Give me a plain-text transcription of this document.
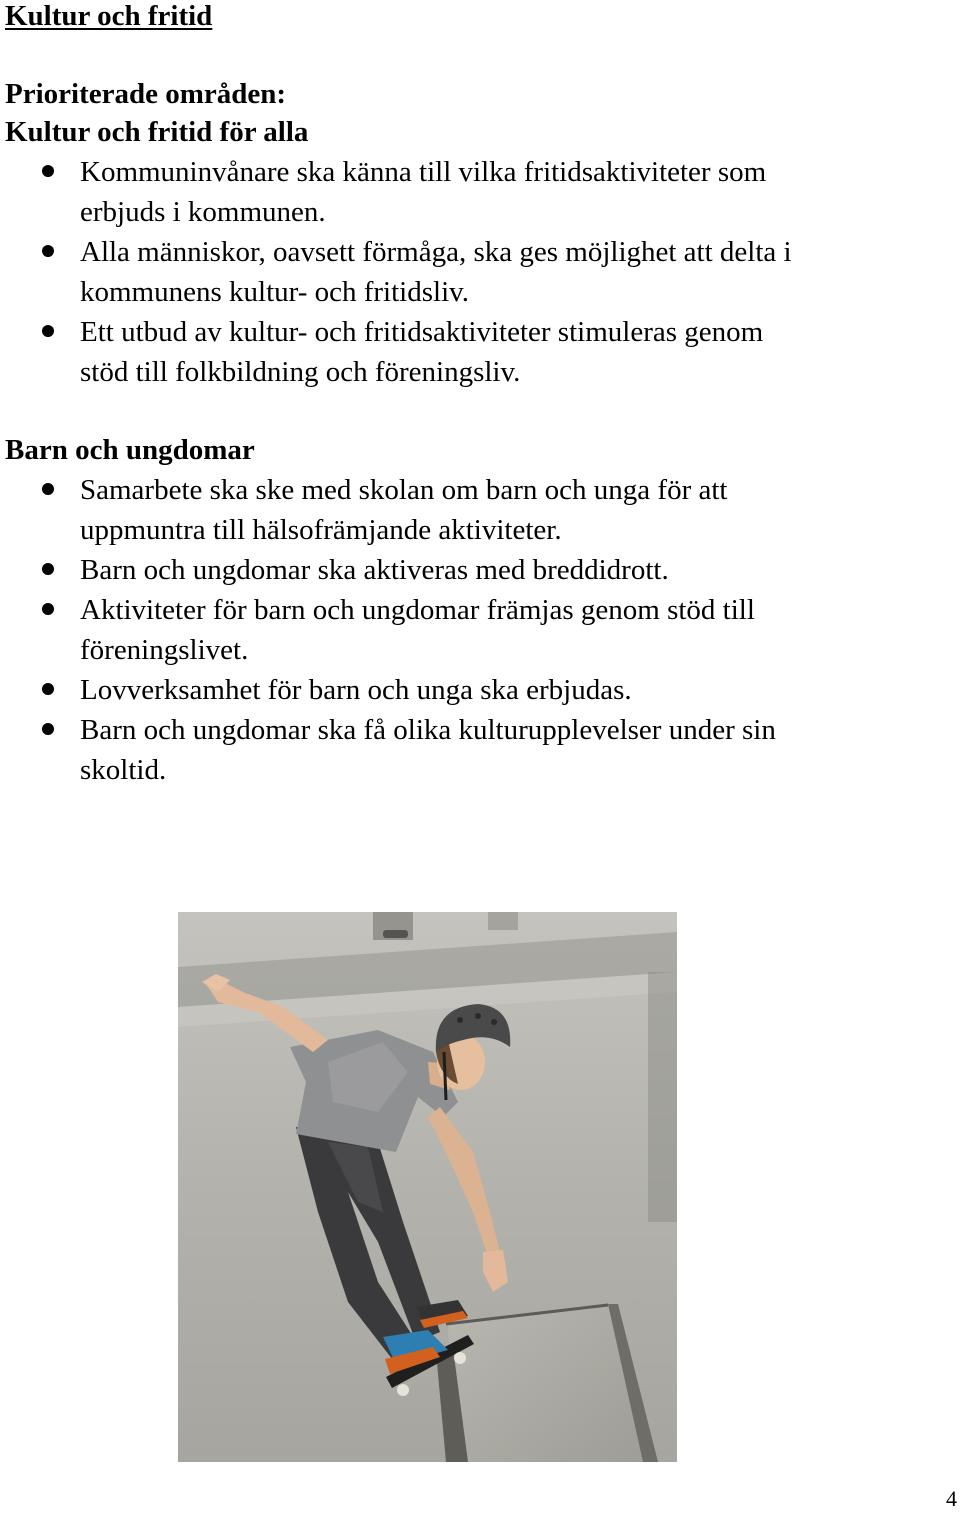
Kultur och fritid
Prioriterade områden:
Kultur och fritid för alla
Kommuninvånare ska känna till vilka fritidsaktiviteter som erbjuds i kommunen.
Alla människor, oavsett förmåga, ska ges möjlighet att delta i kommunens kultur- och fritidsliv.
Ett utbud av kultur- och fritidsaktiviteter stimuleras genom stöd till folkbildning och föreningsliv.
Barn och ungdomar
Samarbete ska ske med skolan om barn och unga för att uppmuntra till hälsofrämjande aktiviteter.
Barn och ungdomar ska aktiveras med breddidrott.
Aktiviteter för barn och ungdomar främjas genom stöd till föreningslivet.
Lovverksamhet för barn och unga ska erbjudas.
Barn och ungdomar ska få olika kulturupplevelser under sin skoltid.
4
